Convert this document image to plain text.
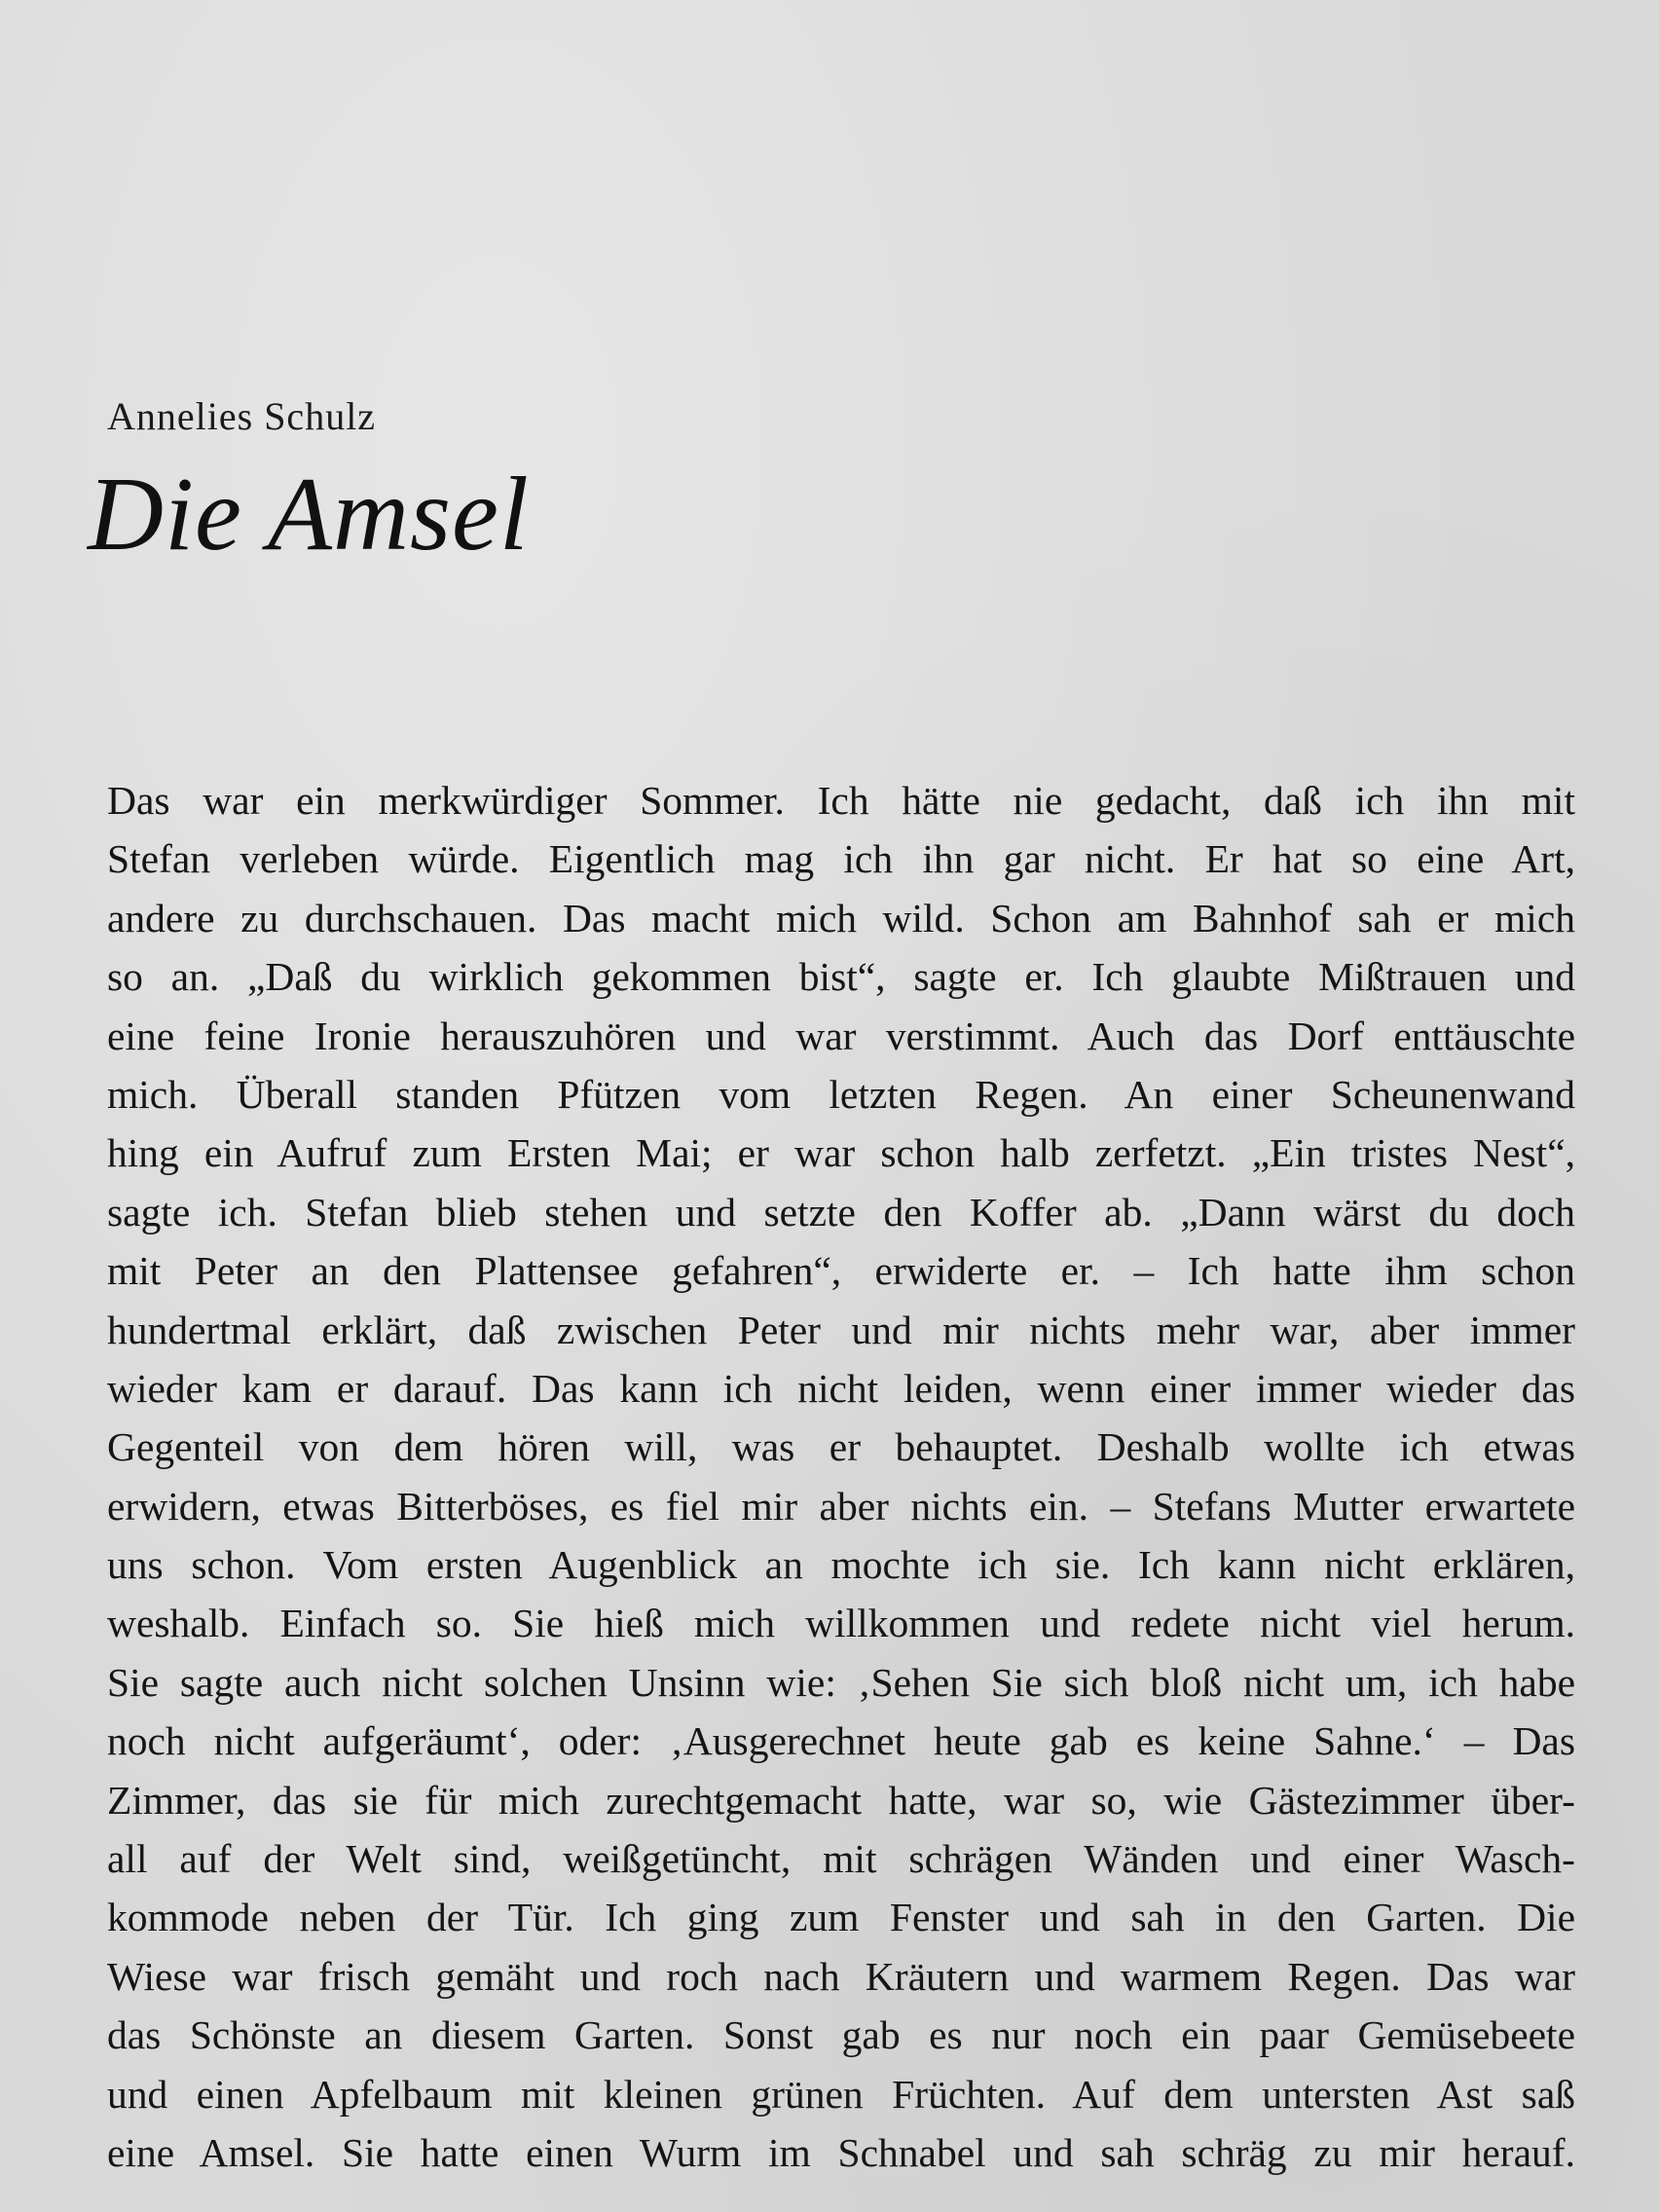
Annelies Schulz
Die Amsel
Das war ein merkwürdiger Sommer. Ich hätte nie gedacht, daß ich ihn mit
Stefan verleben würde. Eigentlich mag ich ihn gar nicht. Er hat so eine Art,
andere zu durchschauen. Das macht mich wild. Schon am Bahnhof sah er mich
so an. „Daß du wirklich gekommen bist“, sagte er. Ich glaubte Mißtrauen und
eine feine Ironie herauszuhören und war verstimmt. Auch das Dorf enttäuschte
mich. Überall standen Pfützen vom letzten Regen. An einer Scheunenwand
hing ein Aufruf zum Ersten Mai; er war schon halb zerfetzt. „Ein tristes Nest“,
sagte ich. Stefan blieb stehen und setzte den Koffer ab. „Dann wärst du doch
mit Peter an den Plattensee gefahren“, erwiderte er. – Ich hatte ihm schon
hundertmal erklärt, daß zwischen Peter und mir nichts mehr war, aber immer
wieder kam er darauf. Das kann ich nicht leiden, wenn einer immer wieder das
Gegenteil von dem hören will, was er behauptet. Deshalb wollte ich etwas
erwidern, etwas Bitterböses, es fiel mir aber nichts ein. – Stefans Mutter erwartete
uns schon. Vom ersten Augenblick an mochte ich sie. Ich kann nicht erklären,
weshalb. Einfach so. Sie hieß mich willkommen und redete nicht viel herum.
Sie sagte auch nicht solchen Unsinn wie: ‚Sehen Sie sich bloß nicht um, ich habe
noch nicht aufgeräumt‘, oder: ‚Ausgerechnet heute gab es keine Sahne.‘ – Das
Zimmer, das sie für mich zurechtgemacht hatte, war so, wie Gästezimmer über-
all auf der Welt sind, weißgetüncht, mit schrägen Wänden und einer Wasch-
kommode neben der Tür. Ich ging zum Fenster und sah in den Garten. Die
Wiese war frisch gemäht und roch nach Kräutern und warmem Regen. Das war
das Schönste an diesem Garten. Sonst gab es nur noch ein paar Gemüsebeete
und einen Apfelbaum mit kleinen grünen Früchten. Auf dem untersten Ast saß
eine Amsel. Sie hatte einen Wurm im Schnabel und sah schräg zu mir herauf.
